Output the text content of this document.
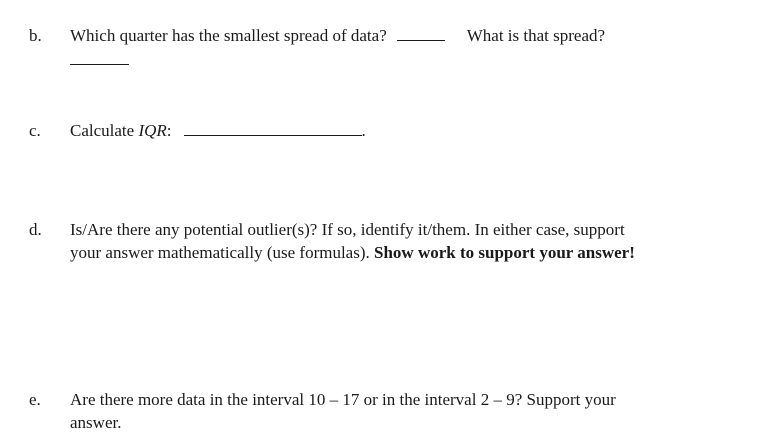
b. Which quarter has the smallest spread of data?	What is that spread?
c. Calculate IQR:	.
d. Is/Are there any potential outlier(s)? If so, identify it/them. In either case, support
your answer mathematically (use formulas). Show work to support your answer!
e. Are there more data in the interval 10 – 17 or in the interval 2 – 9? Support your
answer.
